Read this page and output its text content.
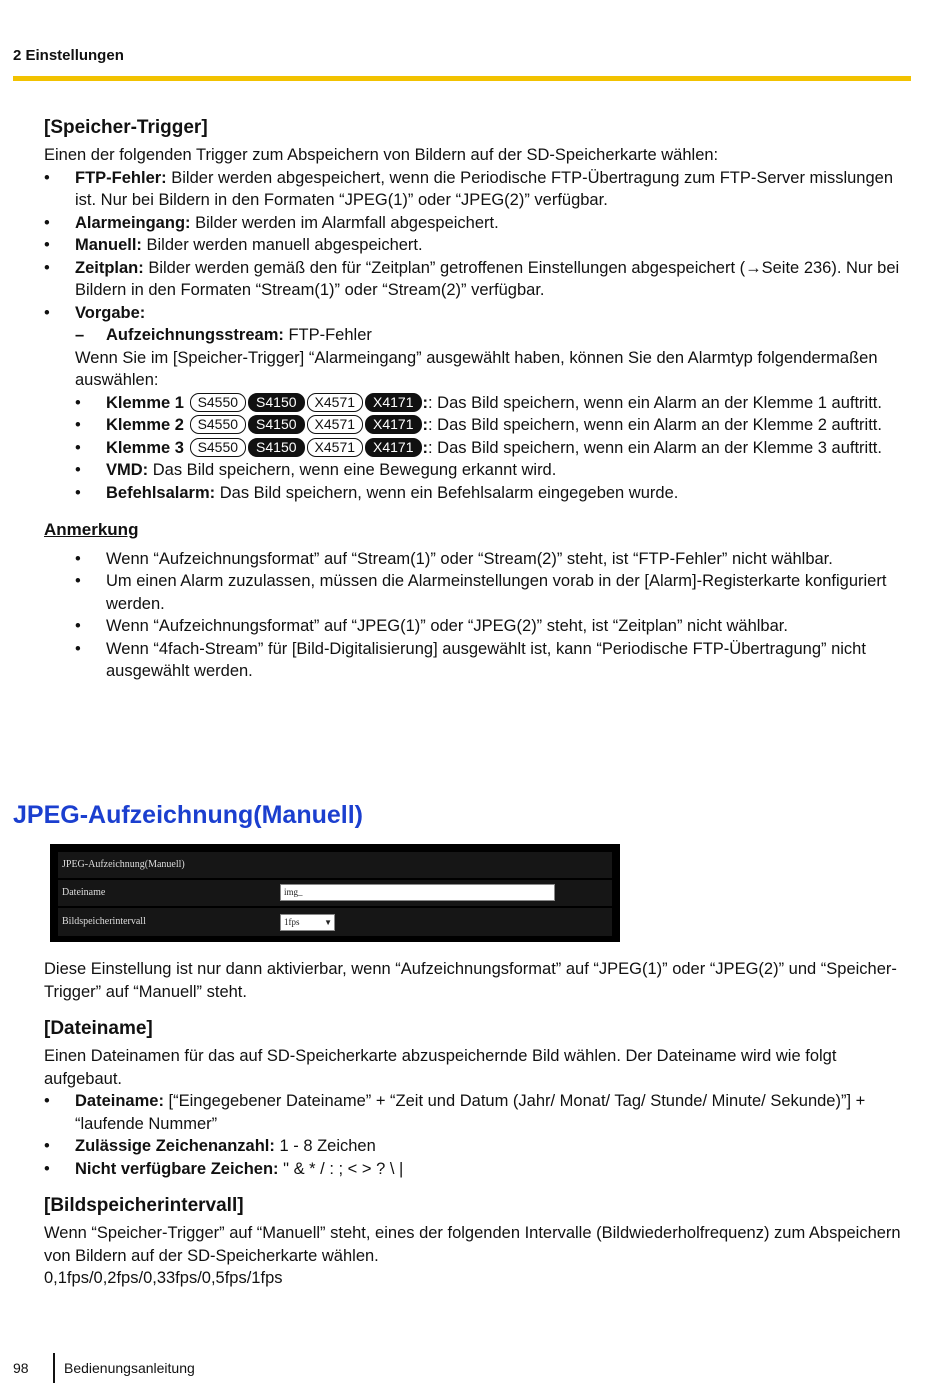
2 Einstellungen
[Speicher-Trigger]

Einen der folgenden Trigger zum Abspeichern von Bildern auf der SD-Speicherkarte wählen:

• FTP-Fehler: Bilder werden abgespeichert, wenn die Periodische FTP-Übertragung zum FTP-Server misslungen ist. Nur bei Bildern in den Formaten “JPEG(1)” oder “JPEG(2)” verfügbar.
• Alarmeingang: Bilder werden im Alarmfall abgespeichert.
• Manuell: Bilder werden manuell abgespeichert.
• Zeitplan: Bilder werden gemäß den für “Zeitplan” getroffenen Einstellungen abgespeichert (→Seite 236). Nur bei Bildern in den Formaten “Stream(1)” oder “Stream(2)” verfügbar.
• Vorgabe:
– Aufzeichnungsstream: FTP-Fehler

Wenn Sie im [Speicher-Trigger] “Alarmeingang” ausgewählt haben, können Sie den Alarmtyp folgendermaßen auswählen:

• Klemme 1 S4550 S4150 X4571 X4171 :: Das Bild speichern, wenn ein Alarm an der Klemme 1 auftritt.
• Klemme 2 S4550 S4150 X4571 X4171 :: Das Bild speichern, wenn ein Alarm an der Klemme 2 auftritt.
• Klemme 3 S4550 S4150 X4571 X4171 :: Das Bild speichern, wenn ein Alarm an der Klemme 3 auftritt.
• VMD: Das Bild speichern, wenn eine Bewegung erkannt wird.
• Befehlsalarm: Das Bild speichern, wenn ein Befehlsalarm eingegeben wurde.
Anmerkung
• Wenn “Aufzeichnungsformat” auf “Stream(1)” oder “Stream(2)” steht, ist “FTP-Fehler” nicht wählbar.
• Um einen Alarm zuzulassen, müssen die Alarmeinstellungen vorab in der [Alarm]-Registerkarte konfiguriert werden.
• Wenn “Aufzeichnungsformat” auf “JPEG(1)” oder “JPEG(2)” steht, ist “Zeitplan” nicht wählbar.
• Wenn “4fach-Stream” für [Bild-Digitalisierung] ausgewählt ist, kann “Periodische FTP-Übertragung” nicht ausgewählt werden.
JPEG-Aufzeichnung(Manuell)
JPEG-Aufzeichnung(Manuell)
Dateiname	img_
Bildspeicherintervall	1fps	▼

Diese Einstellung ist nur dann aktivierbar, wenn “Aufzeichnungsformat” auf “JPEG(1)” oder “JPEG(2)” und “Speicher-Trigger” auf “Manuell” steht.

[Dateiname]

Einen Dateinamen für das auf SD-Speicherkarte abzuspeichernde Bild wählen. Der Dateiname wird wie folgt aufgebaut.

• Dateiname: [“Eingegebener Dateiname” + “Zeit und Datum (Jahr/ Monat/ Tag/ Stunde/ Minute/ Sekunde)”] + “laufende Nummer”
• Zulässige Zeichenanzahl: 1 - 8 Zeichen
• Nicht verfügbare Zeichen: " & * / : ; < > ? \ |
[Bildspeicherintervall]

Wenn “Speicher-Trigger” auf “Manuell” steht, eines der folgenden Intervalle (Bildwiederholfrequenz) zum Abspeichern von Bildern auf der SD-Speicherkarte wählen.

0,1fps/0,2fps/0,33fps/0,5fps/1fps

98	Bedienungsanleitung
